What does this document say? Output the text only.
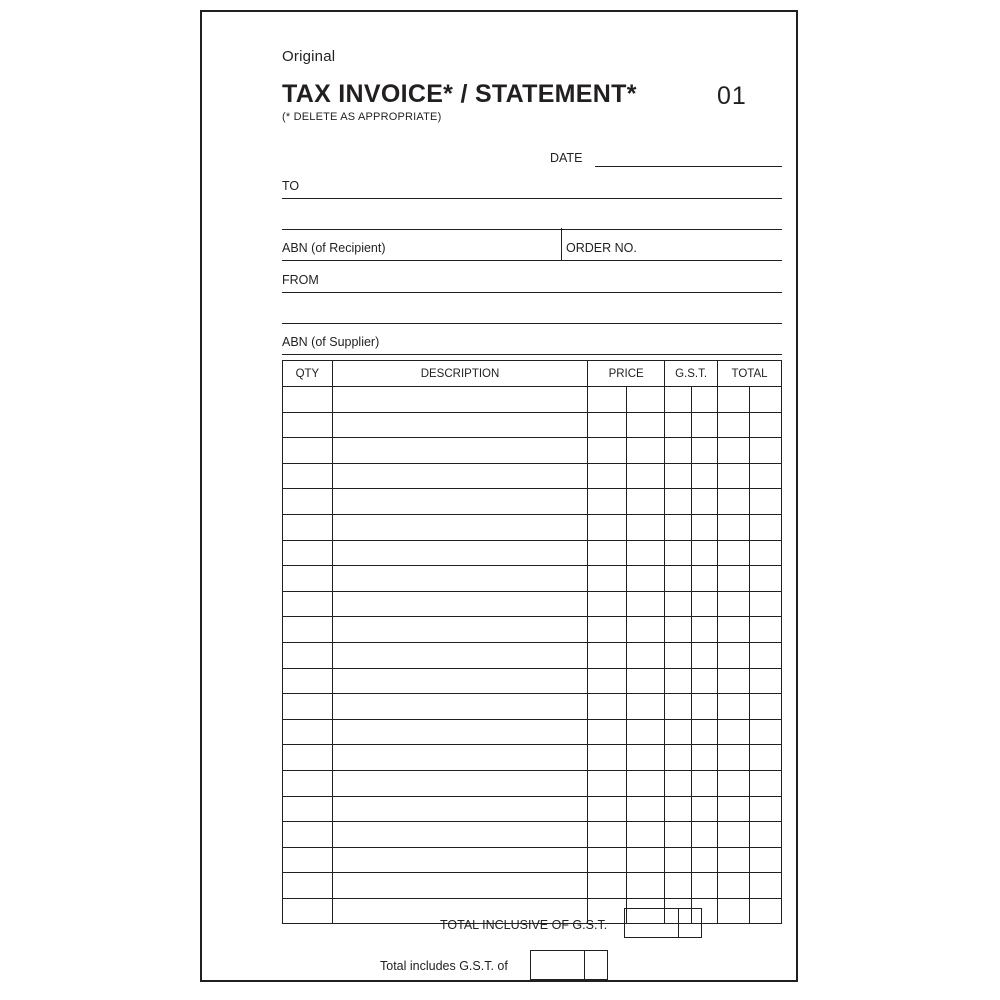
Original
TAX INVOICE* / STATEMENT*
(* DELETE AS APPROPRIATE)
01
DATE
TO
ABN (of Recipient)	ORDER NO.
FROM
ABN (of Supplier)
QTY	DESCRIPTION	PRICE		G.S.T.		TOTAL	

TOTAL INCLUSIVE OF G.S.T.
Total includes G.S.T. of
